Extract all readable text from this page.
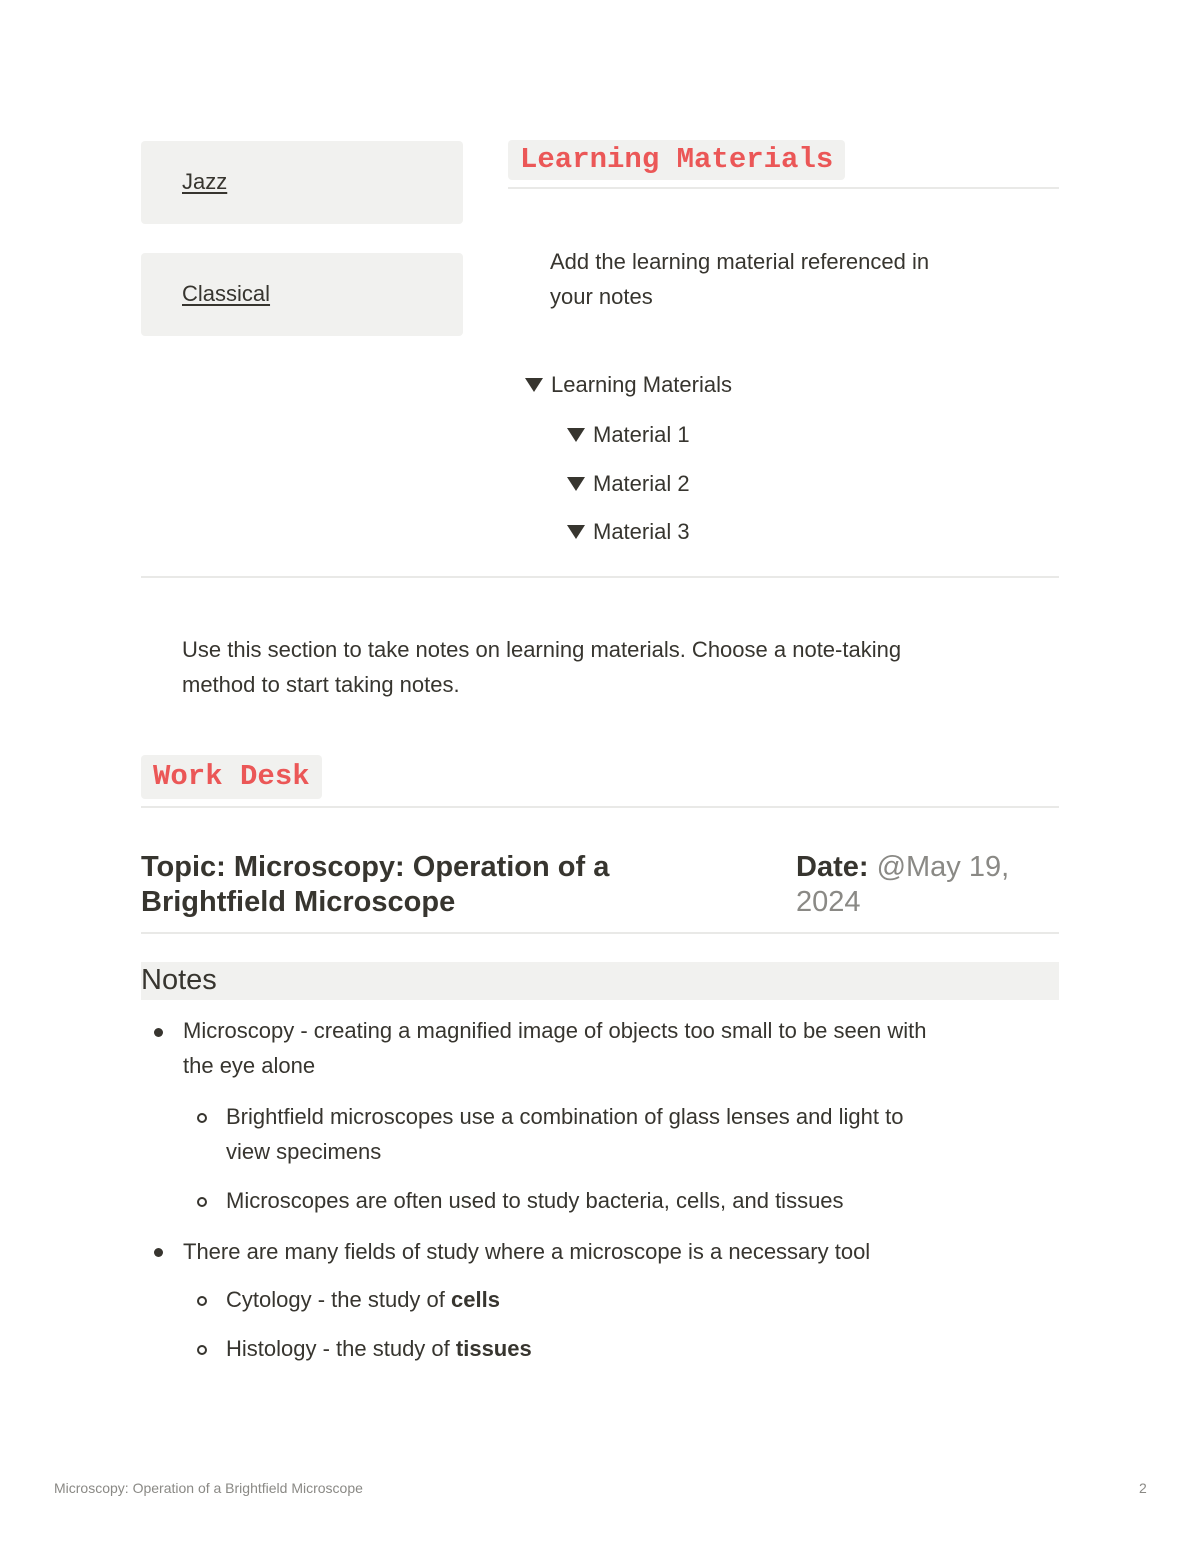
Jazz
Classical
Learning Materials
Add the learning material referenced in
your notes
Learning Materials
Material 1
Material 2
Material 3
Use this section to take notes on learning materials. Choose a note-taking
method to start taking notes.
Work Desk
Topic: Microscopy: Operation of a
Brightfield Microscope
Date: @May 19,
2024
Notes
Microscopy - creating a magnified image of objects too small to be seen with
the eye alone
Brightfield microscopes use a combination of glass lenses and light to
view specimens
Microscopes are often used to study bacteria, cells, and tissues
There are many fields of study where a microscope is a necessary tool
Cytology - the study of cells
Histology - the study of tissues
Microscopy: Operation of a Brightfield Microscope	2
